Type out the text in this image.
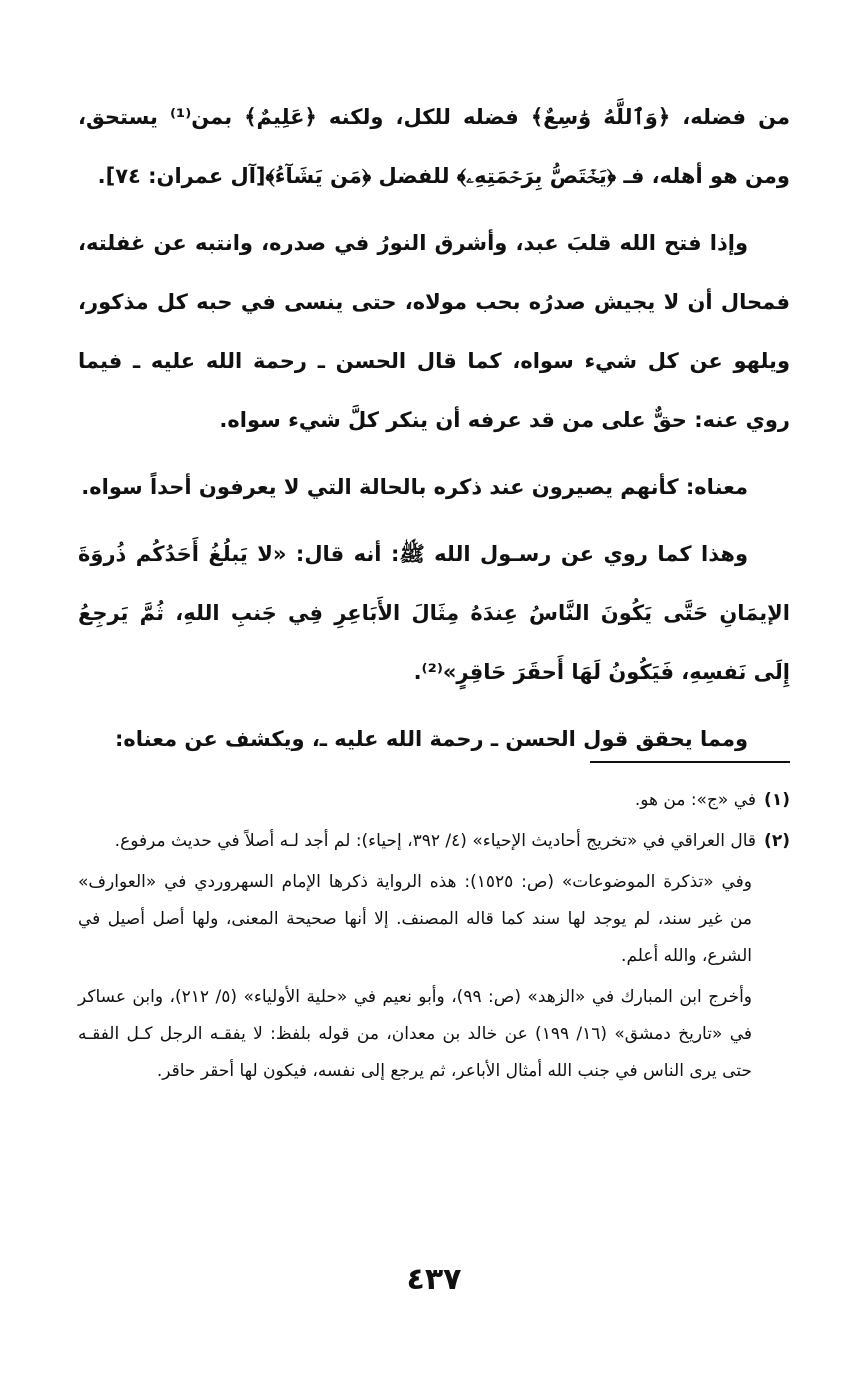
من فضله، ﴿وَٱللَّهُ وَٰسِعٌ﴾ فضله للكل، ولكنه ﴿عَلِيمٌ﴾ بمن⁽¹⁾ يستحق، ومن هو أهله، فـ ﴿يَخۡتَصُّ بِرَحۡمَتِهِۦ﴾ للفضل ﴿مَن يَشَآءُ﴾[آل عمران: ٧٤].

وإذا فتح الله قلبَ عبد، وأشرق النورُ في صدره، وانتبه عن غفلته، فمحال أن لا يجيش صدرُه بحب مولاه، حتى ينسى في حبه كل مذكور، ويلهو عن كل شيء سواه، كما قال الحسن ـ رحمة الله عليه ـ فيما روي عنه: حقٌّ على من قد عرفه أن ينكر كلَّ شيء سواه.

معناه: كأنهم يصيرون عند ذكره بالحالة التي لا يعرفون أحداً سواه.

وهذا كما روي عن رسـول الله ﷺ: أنه قال: «لا يَبلُغُ أَحَدُكُم ذُروَةَ الإيمَانِ حَتَّى يَكُونَ النَّاسُ عِندَهُ مِثَالَ الأَبَاعِرِ فِي جَنبِ اللهِ، ثُمَّ يَرجِعُ إِلَى نَفسِهِ، فَيَكُونُ لَهَا أَحقَرَ حَاقِرٍ»⁽²⁾.

ومما يحقق قول الحسن ـ رحمة الله عليه ـ، ويكشف عن معناه:

(١)في «ج»: من هو.

(٢)قال العراقي في «تخريج أحاديث الإحياء» (٤/ ٣٩٢، إحياء): لم أجد لـه أصلاً في حديث مرفوع.

وفي «تذكرة الموضوعات» (ص: ١٥٢٥): هذه الرواية ذكرها الإمام السهروردي في «العوارف» من غير سند، لم يوجد لها سند كما قاله المصنف. إلا أنها صحيحة المعنى، ولها أصل أصيل في الشرع، والله أعلم.

وأخرج ابن المبارك في «الزهد» (ص: ٩٩)، وأبو نعيم في «حلية الأولياء» (٥/ ٢١٢)، وابن عساكر في «تاريخ دمشق» (١٦/ ١٩٩) عن خالد بن معدان، من قوله بلفظ: لا يفقـه الرجل كـل الفقـه حتى يرى الناس في جنب الله أمثال الأباعر، ثم يرجع إلى نفسه، فيكون لها أحقر حاقر.

٤٣٧
